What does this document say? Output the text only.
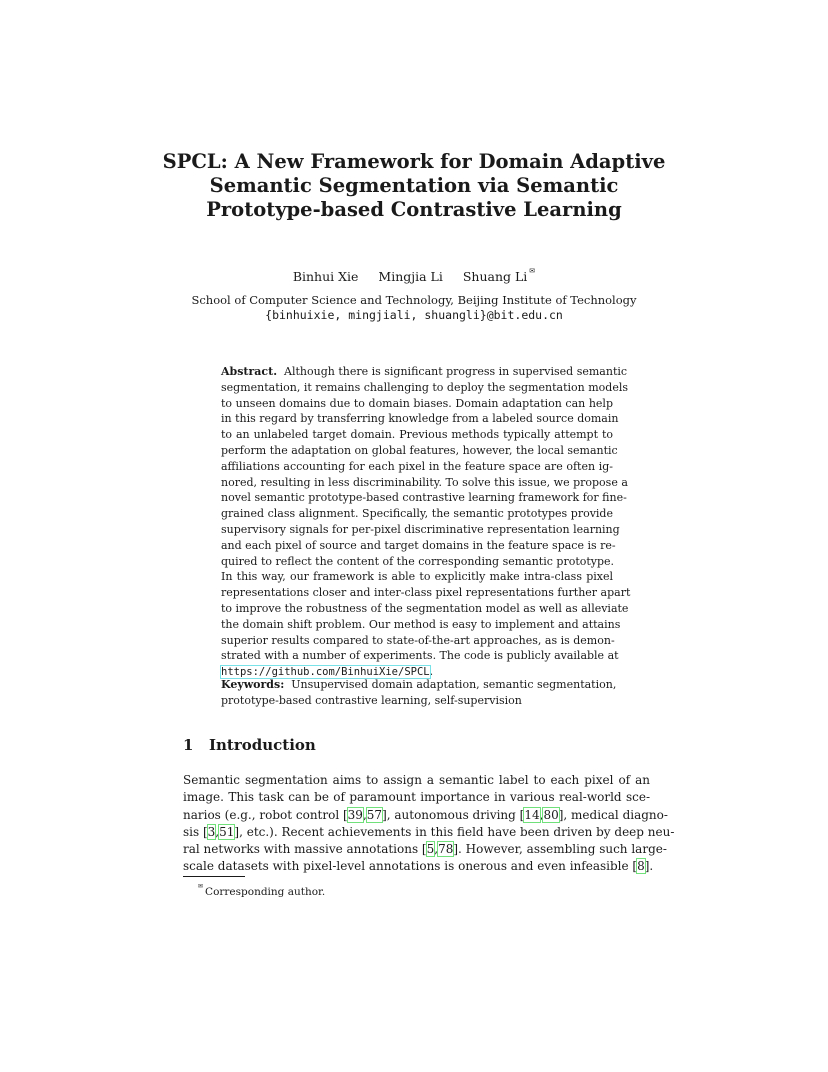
SPCL: A New Framework for Domain Adaptive
Semantic Segmentation via Semantic
Prototype-based Contrastive Learning
Binhui Xie Mingjia Li Shuang Li ✉
School of Computer Science and Technology, Beijing Institute of Technology
{binhuixie, mingjiali, shuangli}@bit.edu.cn
Abstract. Although there is significant progress in supervised semantic
segmentation, it remains challenging to deploy the segmentation models
to unseen domains due to domain biases. Domain adaptation can help
in this regard by transferring knowledge from a labeled source domain
to an unlabeled target domain. Previous methods typically attempt to
perform the adaptation on global features, however, the local semantic
affiliations accounting for each pixel in the feature space are often ig-
nored, resulting in less discriminability. To solve this issue, we propose a
novel semantic prototype-based contrastive learning framework for fine-
grained class alignment. Specifically, the semantic prototypes provide
supervisory signals for per-pixel discriminative representation learning
and each pixel of source and target domains in the feature space is re-
quired to reflect the content of the corresponding semantic prototype.
In this way, our framework is able to explicitly make intra-class pixel
representations closer and inter-class pixel representations further apart
to improve the robustness of the segmentation model as well as alleviate
the domain shift problem. Our method is easy to implement and attains
superior results compared to state-of-the-art approaches, as is demon-
strated with a number of experiments. The code is publicly available at
https://github.com/BinhuiXie/SPCL.
Keywords: Unsupervised domain adaptation, semantic segmentation,
prototype-based contrastive learning, self-supervision
1 Introduction
Semantic segmentation aims to assign a semantic label to each pixel of an
image. This task can be of paramount importance in various real-world sce-
narios (e.g., robot control [39,57], autonomous driving [14,80], medical diagno-
sis [3,51], etc.). Recent achievements in this field have been driven by deep neu-
ral networks with massive annotations [5,78]. However, assembling such large-
scale datasets with pixel-level annotations is onerous and even infeasible [8].
✉ Corresponding author.
